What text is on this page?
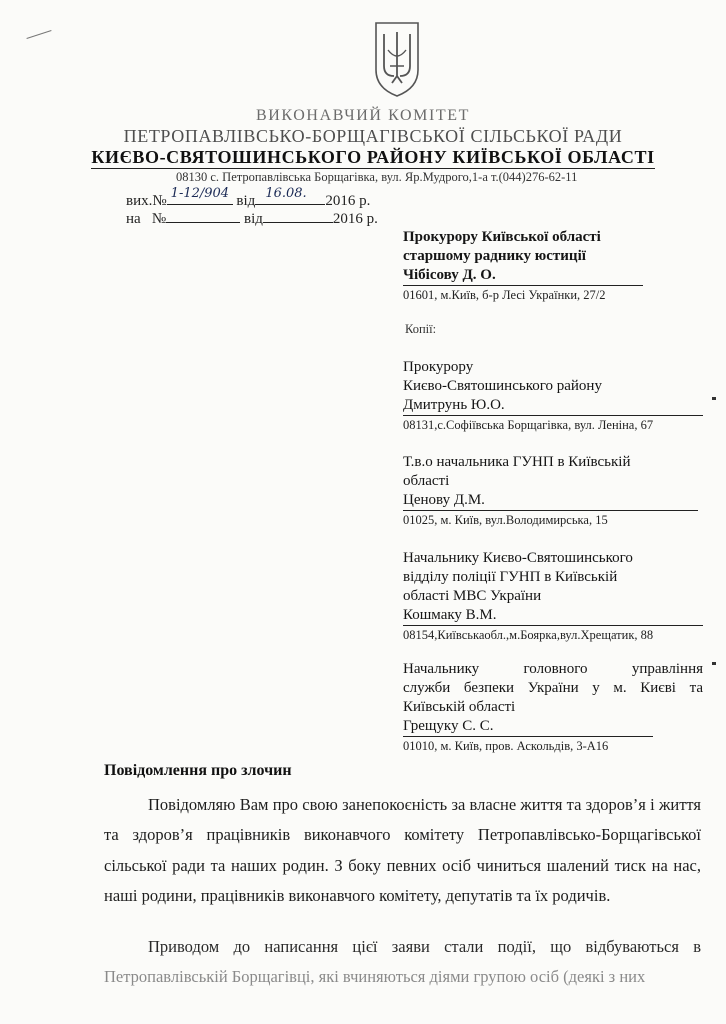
ВИКОНАВЧИЙ КОМІТЕТ
ПЕТРОПАВЛІВСЬКО-БОРЩАГІВСЬКОЇ СІЛЬСЬКОЇ РАДИ
КИЄВО-СВЯТОШИНСЬКОГО РАЙОНУ КИЇВСЬКОЇ ОБЛАСТІ
08130 с. Петропавлівська Борщагівка, вул. Яр.Мудрого,1-а т.(044)276-62-11
вих.№ 1-12/904 від 16.08. 2016 р.
на   №	від	2016 р.
Прокурору Київської області
старшому раднику юстиції
Чібісову Д. О.
01601, м.Київ, б-р Лесі Українки, 27/2
Копії:
Прокурору
Києво-Святошинського району
Дмитрунь Ю.О.
08131,с.Софіївська Борщагівка, вул. Леніна, 67
Т.в.о начальника ГУНП в Київській
області
Ценову Д.М.
01025, м. Київ, вул.Володимирська, 15
Начальнику Києво-Святошинського
відділу поліції ГУНП в Київській
області МВС України
Кошмаку В.М.
08154,Київськаобл.,м.Боярка,вул.Хрещатик, 88
Начальнику головного управління
служби безпеки України у м. Києві та
Київській області
Грещуку С. С.
01010, м. Київ, пров. Аскольдів, 3-А16
Повідомлення про злочин
Повідомляю Вам про свою занепокоєність за власне життя та здоров’я і життя та здоров’я працівників виконавчого комітету Петропавлівсько-Борщагівської сільської ради та наших родин. З боку певних осіб чиниться шалений тиск на нас, наші родини, працівників виконавчого комітету, депутатів та їх родичів.
Приводом до написання цієї заяви стали події, що відбуваються в Петропавлівській Борщагівці, які вчиняються діями групою осіб (деякі з них
